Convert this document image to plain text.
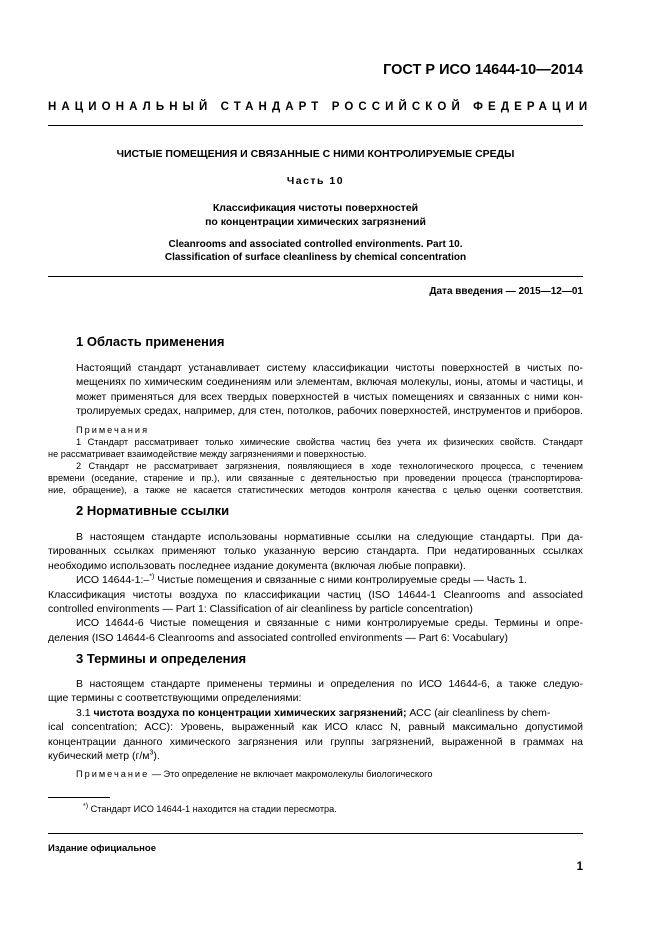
ГОСТ Р ИСО 14644-10—2014
НАЦИОНАЛЬНЫЙ СТАНДАРТ РОССИЙСКОЙ ФЕДЕРАЦИИ
ЧИСТЫЕ ПОМЕЩЕНИЯ И СВЯЗАННЫЕ С НИМИ КОНТРОЛИРУЕМЫЕ СРЕДЫ
Часть 10
Классификация чистоты поверхностей
по концентрации химических загрязнений
Cleanrooms and associated controlled environments. Part 10.
Classification of surface cleanliness by chemical concentration
Дата введения — 2015—12—01
1 Область применения
Настоящий стандарт устанавливает систему классификации чистоты поверхностей в чистых по-
мещениях по химическим соединениям или элементам, включая молекулы, ионы, атомы и частицы, и
может применяться для всех твердых поверхностей в чистых помещениях и связанных с ними кон-
тролируемых средах, например, для стен, потолков, рабочих поверхностей, инструментов и приборов.
Примечания
1 Стандарт рассматривает только химические свойства частиц без учета их физических свойств. Стандарт
не рассматривает взаимодействие между загрязнениями и поверхностью.
2 Стандарт не рассматривает загрязнения, появляющиеся в ходе технологического процесса, с течением
времени (оседание, старение и пр.), или связанные с деятельностью при проведении процесса (транспортирова-
ние, обращение), а также не касается статистических методов контроля качества с целью оценки соответствия.
2 Нормативные ссылки
В настоящем стандарте использованы нормативные ссылки на следующие стандарты. При да-
тированных ссылках применяют только указанную версию стандарта. При недатированных ссылках
необходимо использовать последнее издание документа (включая любые поправки).
ИСО 14644-1:–*) Чистые помещения и связанные с ними контролируемые среды — Часть 1.
Классификация чистоты воздуха по классификации частиц (ISO 14644-1 Cleanrooms and associated
controlled environments — Part 1: Classification of air cleanliness by particle concentration)
ИСО 14644-6 Чистые помещения и связанные с ними контролируемые среды. Термины и опре-
деления (ISO 14644-6 Cleanrooms and associated controlled environments — Part 6: Vocabulary)
3 Термины и определения
В настоящем стандарте применены термины и определения по ИСО 14644-6, а также следую-
щие термины с соответствующими определениями:
3.1 чистота воздуха по концентрации химических загрязнений; АСС (air cleanliness by chem-
ical concentration; ACC): Уровень, выраженный как ИСО класс N, равный максимально допустимой
концентрации данного химического загрязнения или группы загрязнений, выраженной в граммах на
кубический метр $(г/м^3)$.
Примечание — Это определение не включает макромолекулы биологического
*) Стандарт ИСО 14644-1 находится на стадии пересмотра.
Издание официальное
1
